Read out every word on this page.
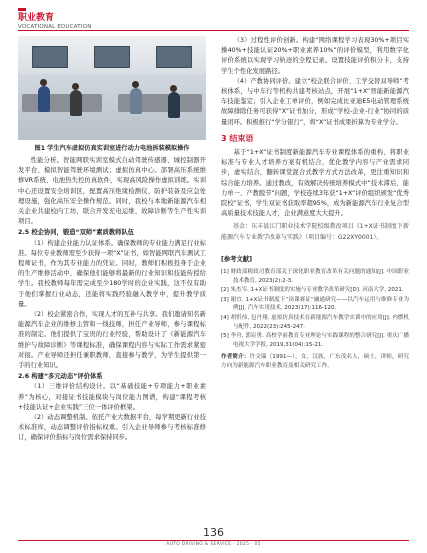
职业教育
VOCATIONAL EDUCATION
图1 学生汽车虚拟仿真实训室进行动力电池拆装模拟操作

性能分析。智能网联实训室模式自动驾驶传感器、城控制器开发平台、模拟智能驾驶环境测试；虚拟仿真中心。部署高压系统维修VR系统、电池热失控仿真软件，实现高风险操作虚拟训练。实训中心还设置安全培训区，配置高压绝缘检测仪、防护装备及应急处理设施，强化高压安全操作规范。同时，我校与本地新能源汽车相关企业共建校内工坊，联合开发充电运维、故障诊断等生产性实训项目。

2.5 校企协同，锻造“双师”素质教师队伍

（1）构建企业能力认证体系。确保教师的专业能力满足行业标准。每位专业教师需至少获得一项“X”证书，如智能网联汽车测试工程师证书，作为其专业能力的凭证。同时，教师们积极投身于企业的生产维修活动中，确保他们能够将最新的行业知识和技能传授给学生。我校教师每年需完成至少180学时的企业实践，这不仅有助于他们掌握行业动态，还能将实践经验融入教学中，提升教学质量。

（2）校企紧密合作，实现人才的互补与共享。我们邀请知名新能源汽车企业的维修主管和一线技师，担任产业导师，参与课程标准的制定。他们提供了宝贵的行业经验，帮助设计了《新能源汽车维护与故障诊断》等课程标准，确保课程内容与实际工作需求紧密对接。产业导师还担任兼职教师，直接参与教学，为学生提供第一手的行业知识。

2.6 构建“多元动态”评价体系

（1）三维评价结构设计。以“基础技能+专项能力+职业素养”为核心，对接证书技能模块与岗位能力图谱，构建“课程考核+技能认证+企业实践”三位一体评价框架。

（2）动态调整机制。依托产业大数据平台，每学期更新行业技术标准库，动态调整评价指标权重。引入企业导师参与考核标准修订，确保评价指标与岗位需求保持同步。

（3）过程性评价创新。构建“网络课程学习表现30%+项目实操40%+技能认证20%+职业素养10%”的评价模型，利用数字化评价系统以实现学习轨迹的全程记录。设置技能评价积分卡，支持学生个性化发展路径。

（4）产教协同评价。建立“校企联合评价、工学交替双导师”考核体系，与中车行等机构共建考核站点，开展“1+X”智能新能源汽车技能鉴定；引入企业工单评价，例如完成比亚迪E5电动管理系统故障排除任务可获得“X”证书加分，形成“学校-企业-行业”协同的质量闭环。积极推行“学分银行”，将“X”证书成果折算为专业学分。

3 结束语

基于“1+X”证书制度新能源汽车专业课程体系的重构，将职业标准与专业人才培养方案有机结合，优化教学内容与产业需求同步，虚实结合，翻转课堂混合式教学方式方法改革，更注重知识和综合能力培养。通过教改，有效解决传统培养模式中“技术滞后、能力单一、产教脱节”问题，学校连续3年获“1+X”评价组织颁发“优秀院校”证书，学生双证书获取率超95%，成为新能源汽车行业复合型高质量技术技能人才，企业满意度大大提升。

基金：东丰县江门职业技术学院校级教改项目《1+X证书制度下新能源汽车专业教学改革与实践》（项目编号：G22XY0001）。

[参考文献]
[1] 财政部税政司教育部关于深化职业教育改革有关问题的通知[J]. 中国职业技术教育, 2023(2):2-3.
[2] 朱杰岑. 1+X证书制度的实施与专业教学改革研究[D]. 河南大学, 2021.
[3] 谢宜. 1+X证书制度下“岗课赛证”融通研究——以汽车运用与维修专业为例[J]. 汽车实用技术, 2023(17):116-120.
[4] 胡忻伟, 包丹翔. 虚拟仿真技术在新能源汽车教学实训中的应用[J]. 内燃机与配件, 2022(23):245-247.
[5] 李舟, 郭宸勇. 高校学前教育专业理论与实践课程的整合研究[J]. 重庆广播电视大学学报, 2019,31(04):15-21.
作者简介：许文瑞（1991—），女，汉族，广东茂名人，硕士，讲师，研究方向为新能源汽车职业教育及相关研究工作。
136
AUTO DRIVING & SERVICE · 2025 · 05
